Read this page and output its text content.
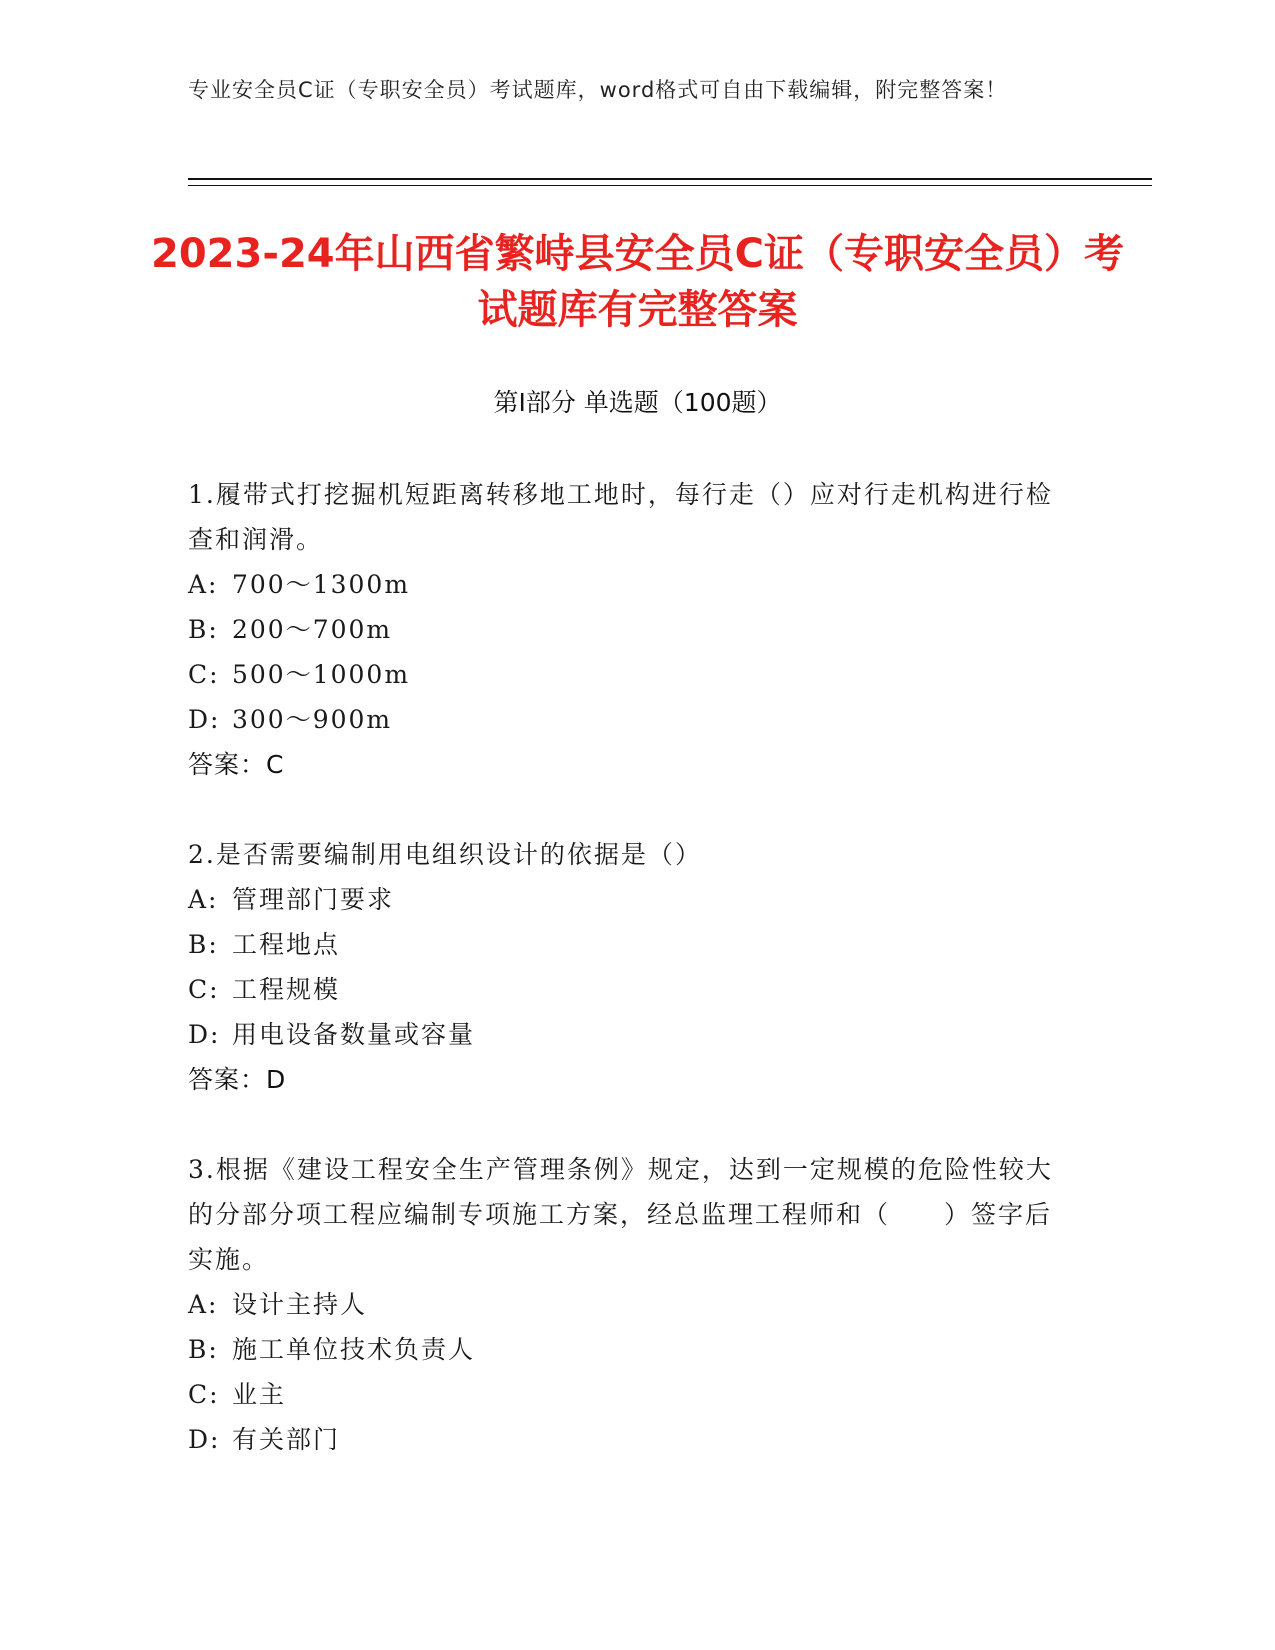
专业安全员C证（专职安全员）考试题库，word格式可自由下载编辑，附完整答案！
2023-24年山西省繁峙县安全员C证（专职安全员）考试题库有完整答案
第I部分 单选题（100题）
1.履带式打挖掘机短距离转移地工地时，每行走（）应对行走机构进行检查和润滑。
A: 700～1300m
B: 200～700m
C: 500～1000m
D: 300～900m
答案：C
2.是否需要编制用电组织设计的依据是（）
A: 管理部门要求
B: 工程地点
C: 工程规模
D: 用电设备数量或容量
答案：D
3.根据《建设工程安全生产管理条例》规定，达到一定规模的危险性较大的分部分项工程应编制专项施工方案，经总监理工程师和（　　）签字后实施。
A: 设计主持人
B: 施工单位技术负责人
C: 业主
D: 有关部门
